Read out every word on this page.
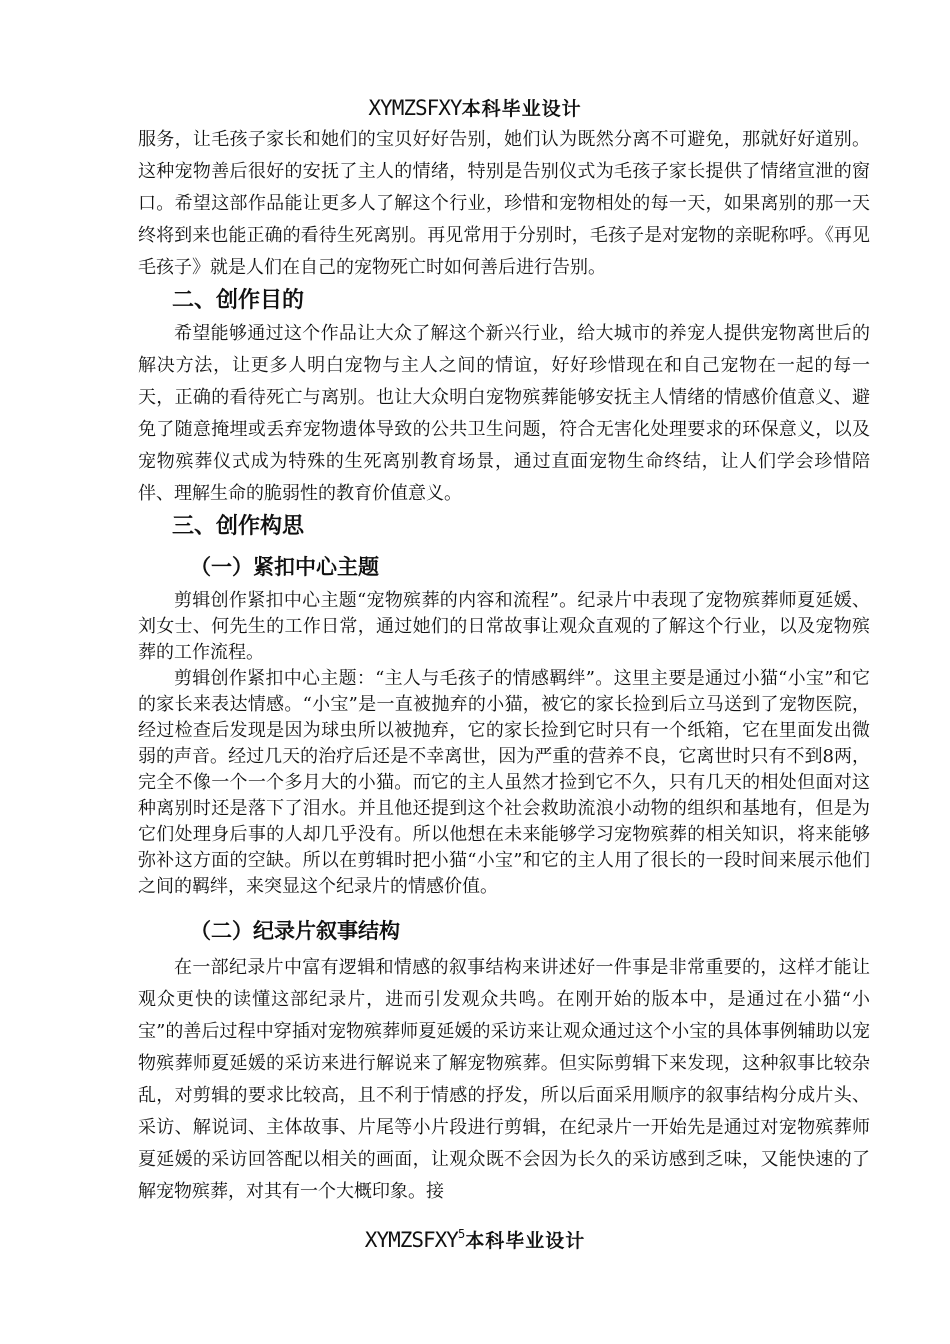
XYMZSFXY本科毕业设计

服务，让毛孩子家长和她们的宝贝好好告别，她们认为既然分离不可避免，那就好好道别。这种宠物善后很好的安抚了主人的情绪，特别是告别仪式为毛孩子家长提供了情绪宣泄的窗口。希望这部作品能让更多人了解这个行业，珍惜和宠物相处的每一天，如果离别的那一天终将到来也能正确的看待生死离别。再见常用于分别时，毛孩子是对宠物的亲昵称呼。《再见 毛孩子》就是人们在自己的宠物死亡时如何善后进行告别。

二、创作目的

希望能够通过这个作品让大众了解这个新兴行业，给大城市的养宠人提供宠物离世后的解决方法，让更多人明白宠物与主人之间的情谊，好好珍惜现在和自己宠物在一起的每一天，正确的看待死亡与离别。也让大众明白宠物殡葬能够安抚主人情绪的情感价值意义、避免了随意掩埋或丢弃宠物遗体导致的公共卫生问题，符合无害化处理要求的环保意义，以及宠物殡葬仪式成为特殊的生死离别教育场景，通过直面宠物生命终结，让人们学会珍惜陪伴、理解生命的脆弱性的教育价值意义。

三、创作构思
（一）紧扣中心主题

剪辑创作紧扣中心主题“宠物殡葬的内容和流程”。纪录片中表现了宠物殡葬师夏延媛、刘女士、何先生的工作日常，通过她们的日常故事让观众直观的了解这个行业，以及宠物殡葬的工作流程。

剪辑创作紧扣中心主题：“主人与毛孩子的情感羁绊”。这里主要是通过小猫“小宝”和它的家长来表达情感。“小宝”是一直被抛弃的小猫，被它的家长捡到后立马送到了宠物医院，经过检查后发现是因为球虫所以被抛弃，它的家长捡到它时只有一个纸箱，它在里面发出微弱的声音。经过几天的治疗后还是不幸离世，因为严重的营养不良，它离世时只有不到8两，完全不像一个一个多月大的小猫。而它的主人虽然才捡到它不久，只有几天的相处但面对这种离别时还是落下了泪水。并且他还提到这个社会救助流浪小动物的组织和基地有，但是为它们处理身后事的人却几乎没有。所以他想在未来能够学习宠物殡葬的相关知识，将来能够弥补这方面的空缺。所以在剪辑时把小猫“小宝”和它的主人用了很长的一段时间来展示他们之间的羁绊，来突显这个纪录片的情感价值。

（二）纪录片叙事结构

在一部纪录片中富有逻辑和情感的叙事结构来讲述好一件事是非常重要的，这样才能让观众更快的读懂这部纪录片，进而引发观众共鸣。在刚开始的版本中，是通过在小猫“小宝”的善后过程中穿插对宠物殡葬师夏延媛的采访来让观众通过这个小宝的具体事例辅助以宠物殡葬师夏延媛的采访来进行解说来了解宠物殡葬。但实际剪辑下来发现，这种叙事比较杂乱，对剪辑的要求比较高，且不利于情感的抒发，所以后面采用顺序的叙事结构分成片头、采访、解说词、主体故事、片尾等小片段进行剪辑，在纪录片一开始先是通过对宠物殡葬师夏延媛的采访回答配以相关的画面，让观众既不会因为长久的采访感到乏味，又能快速的了解宠物殡葬，对其有一个大概印象。接

XYMZSFXY$^5$本科毕业设计
